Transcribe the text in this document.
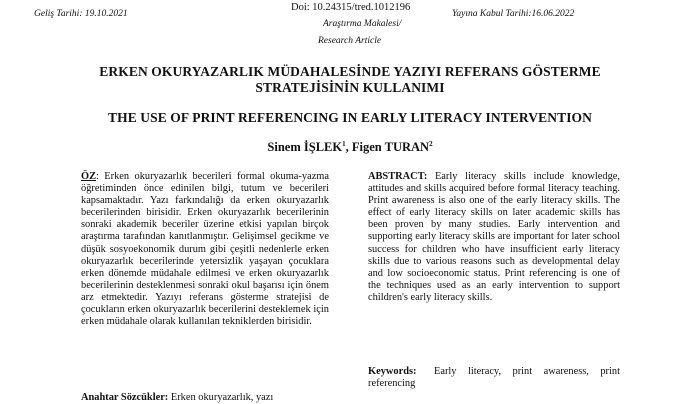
Geliş Tarihi: 19.10.2021
Doi: 10.24315/tred.1012196
Yayına Kabul Tarihi:16.06.2022
Araştırma Makalesi/
Research Article
ERKEN OKURYAZARLIK MÜDAHALESİNDE YAZIYI REFERANS GÖSTERME
STRATEJİSİNİN KULLANIMI
THE USE OF PRINT REFERENCING IN EARLY LITERACY INTERVENTION
Sinem İŞLEK$^1$, Figen TURAN$^2$

ÖZ: Erken okuryazarlık becerileri formal okuma-yazma öğretiminden önce edinilen bilgi, tutum ve becerileri kapsamaktadır. Yazı farkındalığı da erken okuryazarlık becerilerinden birisidir. Erken okuryazarlık becerilerinin sonraki akademik beceriler üzerine etkisi yapılan birçok araştırma tarafından kanıtlanmıştır. Gelişimsel gecikme ve düşük sosyoekonomik durum gibi çeşitli nedenlerle erken okuryazarlık becerilerinde yetersizlik yaşayan çocuklara erken dönemde müdahale edilmesi ve erken okuryazarlık becerilerinin desteklenmesi sonraki okul başarısı için önem arz etmektedir. Yazıyı referans gösterme stratejisi de çocukların erken okuryazarlık becerilerini desteklemek için erken müdahale olarak kullanılan tekniklerden birisidir.

ABSTRACT: Early literacy skills include knowledge, attitudes and skills acquired before formal literacy teaching. Print awareness is also one of the early literacy skills. The effect of early literacy skills on later academic skills has been proven by many studies. Early intervention and supporting early literacy skills are important for later school success for children who have insufficient early literacy skills due to various reasons such as developmental delay and low socioeconomic status. Print referencing is one of the techniques used as an early intervention to support children's early literacy skills.

Keywords: Early literacy, print awareness, print
referencing
Anahtar Sözcükler: Erken okuryazarlık, yazı
